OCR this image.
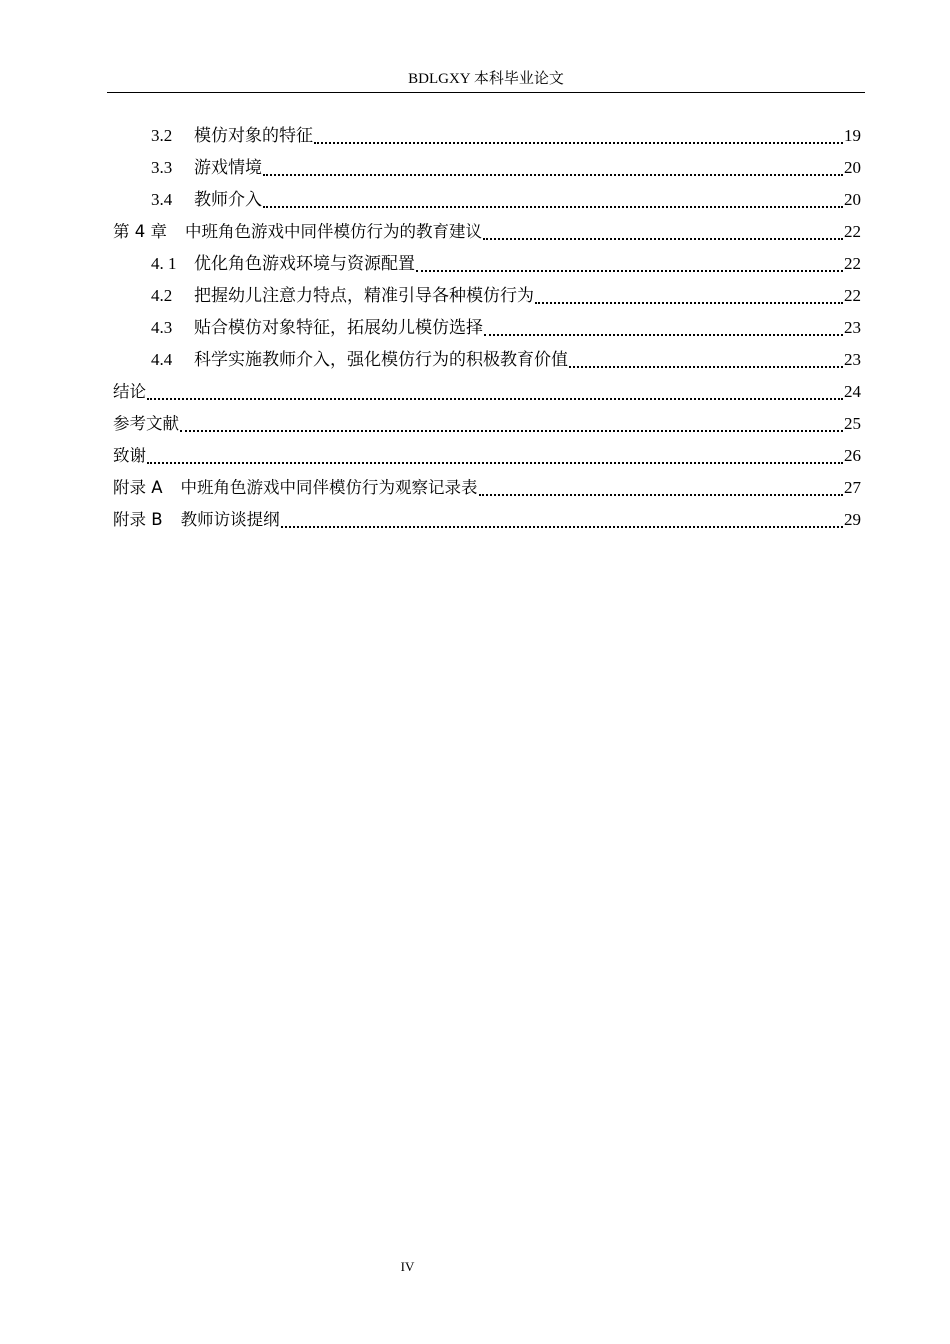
BDLGXY 本科毕业论文
3.2	模仿对象的特征	19
3.3	游戏情境	20
3.4	教师介入	20
第 4 章	中班角色游戏中同伴模仿行为的教育建议	22
4. 1	优化角色游戏环境与资源配置	22
4.2	把握幼儿注意力特点，精准引导各种模仿行为	22
4.3	贴合模仿对象特征，拓展幼儿模仿选择	23
4.4	科学实施教师介入，强化模仿行为的积极教育价值	23
结论	24
参考文献	25
致谢	26
附录 A	中班角色游戏中同伴模仿行为观察记录表	27
附录 B	教师访谈提纲	29
IV
